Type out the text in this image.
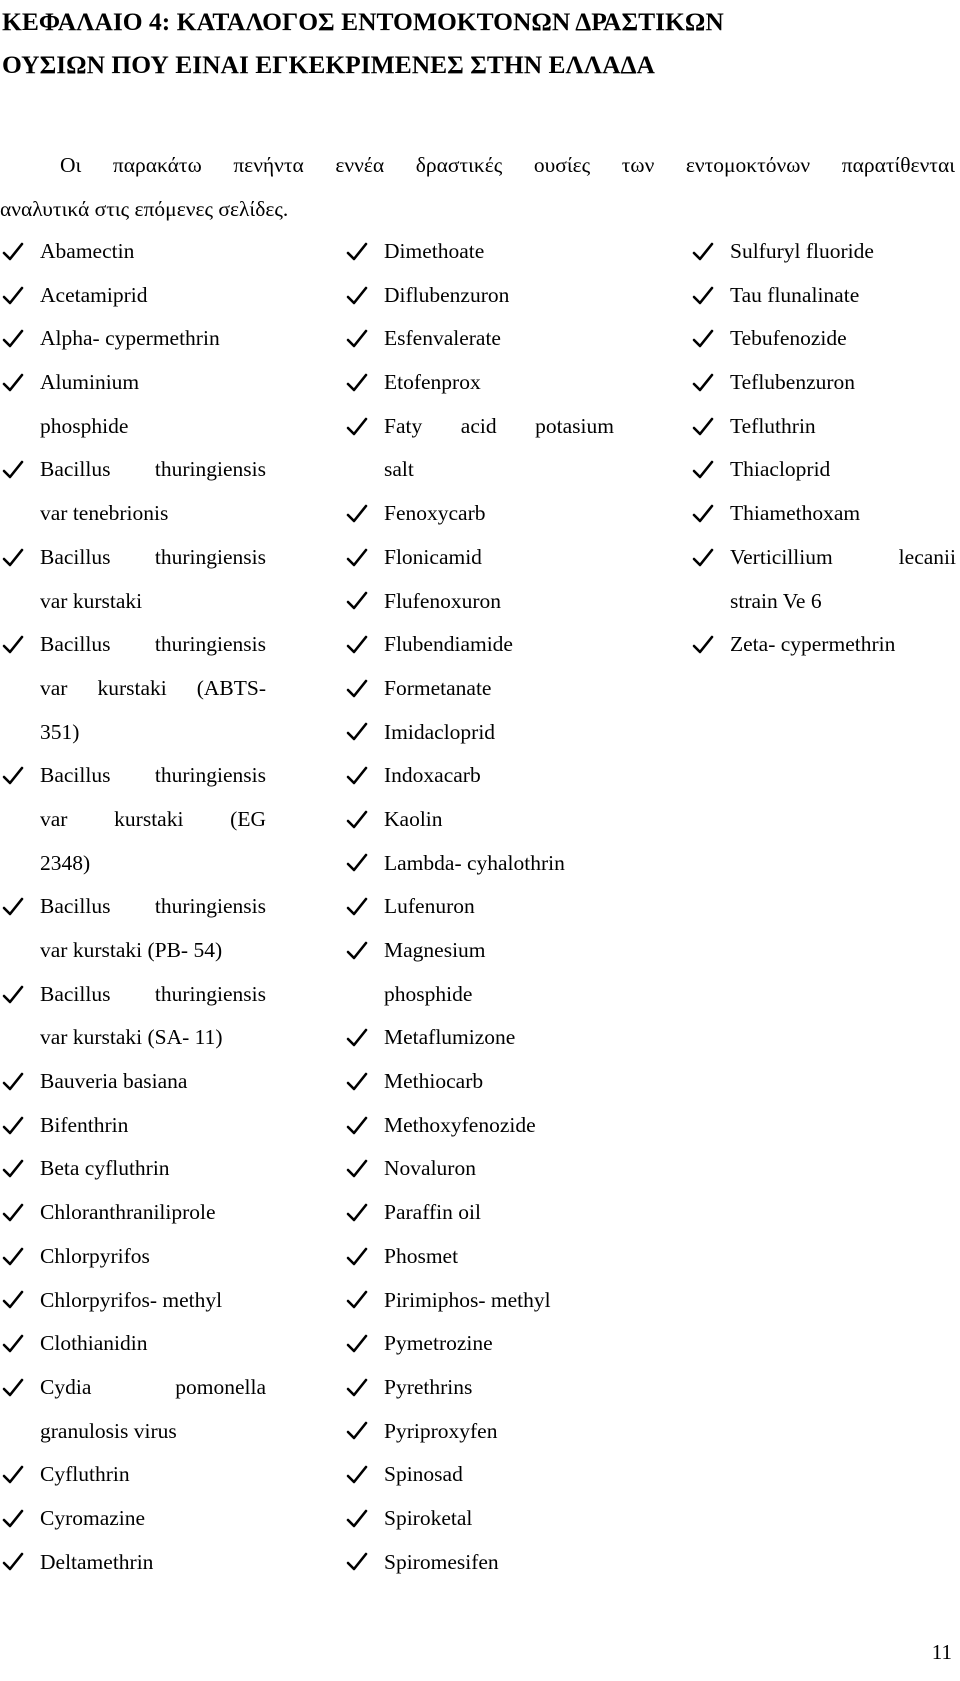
ΚΕΦΑΛΑΙΟ 4: ΚΑΤΑΛΟΓΟΣ ΕΝΤΟΜΟΚΤΟΝΩΝ ΔΡΑΣΤΙΚΩΝ
ΟΥΣΙΩΝ ΠΟΥ ΕΙΝΑΙ ΕΓΚΕΚΡΙΜΕΝΕΣ ΣΤΗΝ ΕΛΛΑΔΑ
Οι παρακάτω πενήντα εννέα δραστικές ουσίες των εντομοκτόνων παρατίθενται
αναλυτικά στις επόμενες σελίδες.
Abamectin
Acetamiprid
Alpha- cypermethrin
Aluminium
phosphide
Bacillus thuringiensis
var tenebrionis
Bacillus thuringiensis
var kurstaki
Bacillus thuringiensis
var kurstaki (ABTS-
351)
Bacillus thuringiensis
var kurstaki (EG
2348)
Bacillus thuringiensis
var kurstaki (PB- 54)
Bacillus thuringiensis
var kurstaki (SA- 11)
Bauveria basiana
Bifenthrin
Beta cyfluthrin
Chloranthraniliprole
Chlorpyrifos
Chlorpyrifos- methyl
Clothianidin
Cydia pomonella
granulosis virus
Cyfluthrin
Cyromazine
Deltamethrin
Dimethoate
Diflubenzuron
Esfenvalerate
Etofenprox
Faty acid potasium
salt
Fenoxycarb
Flonicamid
Flufenoxuron
Flubendiamide
Formetanate
Imidacloprid
Indoxacarb
Kaolin
Lambda- cyhalothrin
Lufenuron
Magnesium
phosphide
Metaflumizone
Methiocarb
Methoxyfenozide
Novaluron
Paraffin oil
Phosmet
Pirimiphos- methyl
Pymetrozine
Pyrethrins
Pyriproxyfen
Spinosad
Spiroketal
Spiromesifen
Sulfuryl fluoride
Tau flunalinate
Tebufenozide
Teflubenzuron
Tefluthrin
Thiacloprid
Thiamethoxam
Verticillium lecanii
strain Ve 6
Zeta- cypermethrin
11
